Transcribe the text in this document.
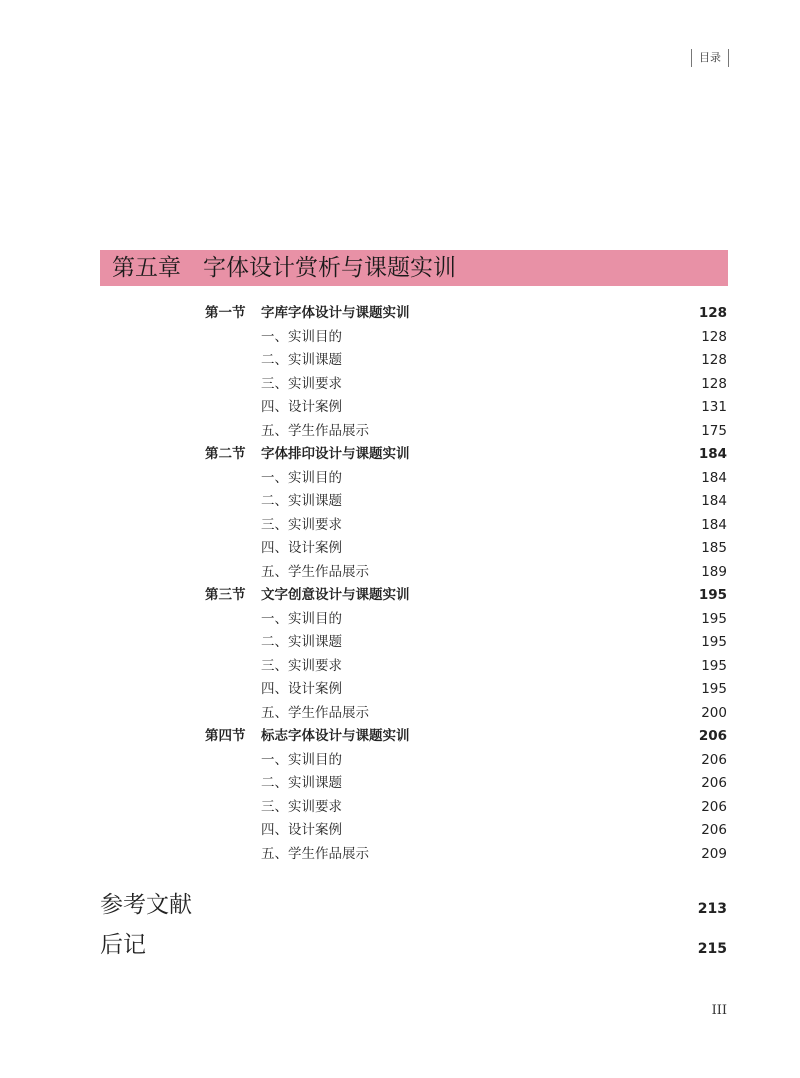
目录
第五章 字体设计赏析与课题实训
第一节 字库字体设计与课题实训	128
一、实训目的	128
二、实训课题	128
三、实训要求	128
四、设计案例	131
五、学生作品展示	175
第二节 字体排印设计与课题实训	184
一、实训目的	184
二、实训课题	184
三、实训要求	184
四、设计案例	185
五、学生作品展示	189
第三节 文字创意设计与课题实训	195
一、实训目的	195
二、实训课题	195
三、实训要求	195
四、设计案例	195
五、学生作品展示	200
第四节 标志字体设计与课题实训	206
一、实训目的	206
二、实训课题	206
三、实训要求	206
四、设计案例	206
五、学生作品展示	209
参考文献	213
后记	215
III
